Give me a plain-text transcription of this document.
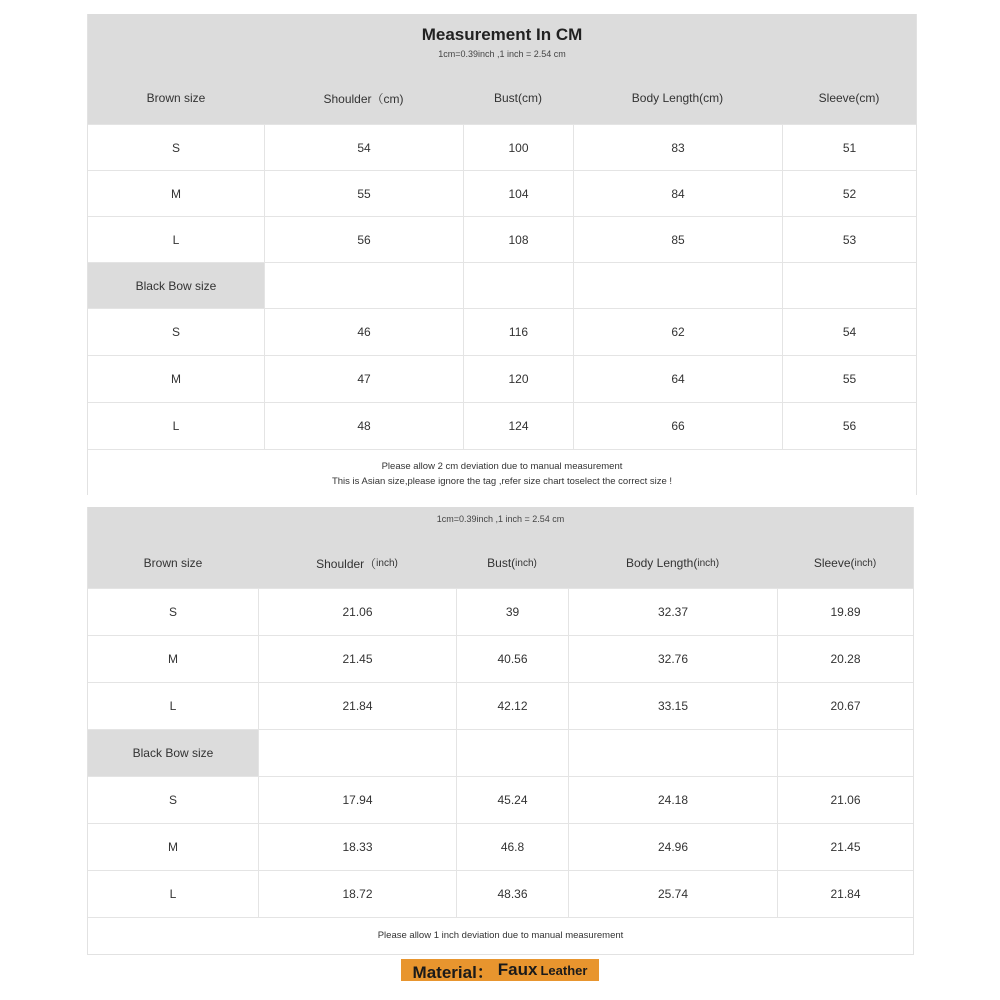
Measurement In CM
1cm=0.39inch ,1 inch = 2.54 cm
Brown size	Shoulder（cm)	Bust(cm)	Body Length(cm)	Sleeve(cm)
S	54	100	83	51
M	55	104	84	52
L	56	108	85	53
Black Bow size
S	46	116	62	54
M	47	120	64	55
L	48	124	66	56
Please allow 2 cm deviation due to manual measurement
This is Asian size,please ignore the tag ,refer size chart toselect the correct size !
1cm=0.39inch ,1 inch = 2.54 cm
Brown size	Shoulder（ inch)	Bust( inch)	Body Length( inch)	Sleeve( inch)
S	21.06	39	32.37	19.89
M	21.45	40.56	32.76	20.28
L	21.84	42.12	33.15	20.67
Black Bow size
S	17.94	45.24	24.18	21.06
M	18.33	46.8	24.96	21.45
L	18.72	48.36	25.74	21.84
Please allow 1 inch deviation due to manual measurement
Material： Faux Leather
